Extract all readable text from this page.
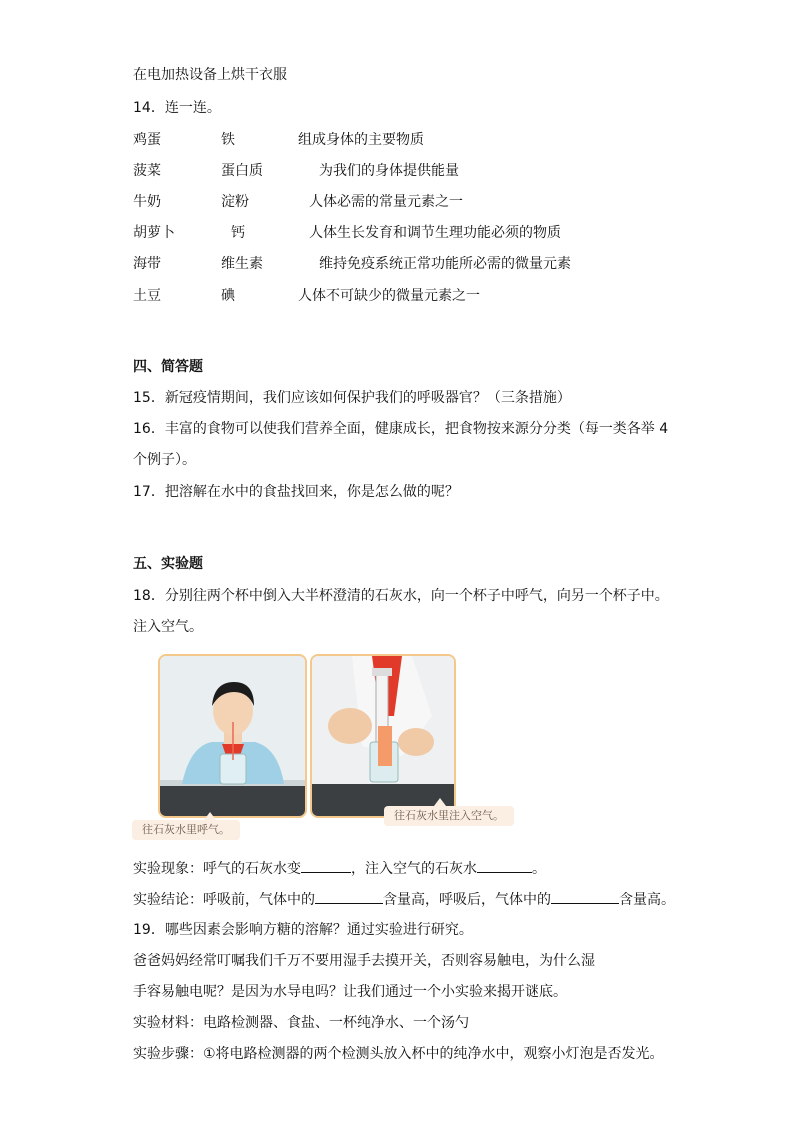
在电加热设备上烘干衣服
14．连一连。
鸡蛋	铁	组成身体的主要物质
菠菜	蛋白质	为我们的身体提供能量
牛奶	淀粉	人体必需的常量元素之一
胡萝卜	钙	人体生长发育和调节生理功能必须的物质
海带	维生素	维持免疫系统正常功能所必需的微量元素
土豆	碘	人体不可缺少的微量元素之一
四、简答题
15．新冠疫情期间，我们应该如何保护我们的呼吸器官？（三条措施）
16．丰富的食物可以使我们营养全面，健康成长，把食物按来源分分类（每一类各举 4
个例子）。
17．把溶解在水中的食盐找回来，你是怎么做的呢？
五、实验题
18．分别往两个杯中倒入大半杯澄清的石灰水，向一个杯子中呼气，向另一个杯子中。
注入空气。
往石灰水里呼气。
往石灰水里注入空气。
实验现象：呼气的石灰水变	，注入空气的石灰水	。
实验结论：呼吸前，气体中的	含量高，呼吸后，气体中的	含量高。
19．哪些因素会影响方糖的溶解？通过实验进行研究。
爸爸妈妈经常叮嘱我们千万不要用湿手去摸开关，否则容易触电，为什么湿
手容易触电呢？是因为水导电吗？让我们通过一个小实验来揭开谜底。
实验材料：电路检测器、食盐、一杯纯净水、一个汤勺
实验步骤：①将电路检测器的两个检测头放入杯中的纯净水中，观察小灯泡是否发光。
